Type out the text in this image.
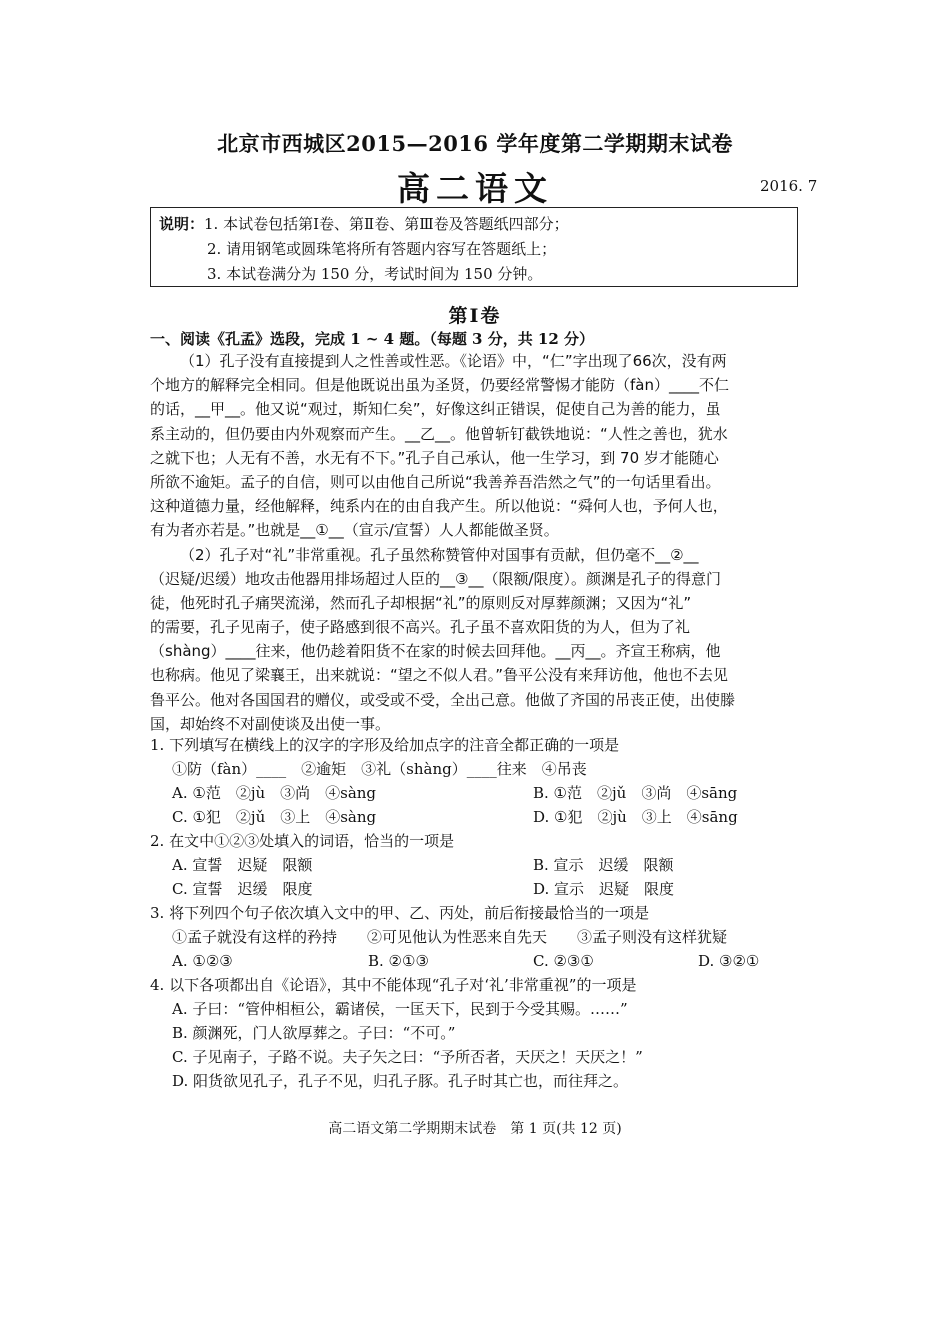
北京市西城区2015—2016 学年度第二学期期末试卷
高二语文	2016. 7
说明：1. 本试卷包括第Ⅰ卷、第Ⅱ卷、第Ⅲ卷及答题纸四部分；
2. 请用钢笔或圆珠笔将所有答题内容写在答题纸上；
3. 本试卷满分为 150 分，考试时间为 150 分钟。
第Ⅰ卷
一、阅读《孔孟》选段，完成 1 ~ 4 题。（每题 3 分，共 12 分）
（1）孔子没有直接提到人之性善或性恶。《论语》中，“仁”字出现了66次，没有两
个地方的解释完全相同。但是他既说出虽为圣贤，仍要经常警惕才能防（fàn）____不仁
的话，__甲__。他又说“观过，斯知仁矣”，好像这纠正错误，促使自己为善的能力，虽
系主动的，但仍要由内外观察而产生。__乙__。他曾斩钉截铁地说：“人性之善也，犹水
之就下也；人无有不善，水无有不下。”孔子自己承认，他一生学习，到 70 岁才能随心
所欲不逾矩。孟子的自信，则可以由他自己所说“我善养吾浩然之气”的一句话里看出。
这种道德力量，经他解释，纯系内在的由自我产生。所以他说：“舜何人也，予何人也，
有为者亦若是。”也就是__①__（宣示/宣誓）人人都能做圣贤。
（2）孔子对“礼”非常重视。孔子虽然称赞管仲对国事有贡献，但仍毫不__②__
（迟疑/迟缓）地攻击他器用排场超过人臣的__③__（限额/限度）。颜渊是孔子的得意门
徒，他死时孔子痛哭流涕，然而孔子却根据“礼”的原则反对厚葬颜渊；又因为“礼”
的需要，孔子见南子，使子路感到很不高兴。孔子虽不喜欢阳货的为人，但为了礼
（shàng）____往来，他仍趁着阳货不在家的时候去回拜他。__丙__。齐宣王称病，他
也称病。他见了梁襄王，出来就说：“望之不似人君。”鲁平公没有来拜访他，他也不去见
鲁平公。他对各国国君的赠仪，或受或不受，全出己意。他做了齐国的吊丧正使，出使滕
国，却始终不对副使谈及出使一事。
1. 下列填写在横线上的汉字的字形及给加点字的注音全都正确的一项是
①防（fàn）____　②逾矩　③礼（shàng）____往来　④吊丧
A. ①范　②jù　③尚　④sàng	B. ①范　②jǔ　③尚　④sāng
C. ①犯　②jǔ　③上　④sàng	D. ①犯　②jù　③上　④sāng
2. 在文中①②③处填入的词语，恰当的一项是
A. 宣誓　迟疑　限额	B. 宣示　迟缓　限额
C. 宣誓　迟缓　限度	D. 宣示　迟疑　限度
3. 将下列四个句子依次填入文中的甲、乙、丙处，前后衔接最恰当的一项是
①孟子就没有这样的矜持　　②可见他认为性恶来自先天　　③孟子则没有这样犹疑
A. ①②③	B. ②①③	C. ②③①	D. ③②①
4. 以下各项都出自《论语》，其中不能体现“孔子对‘礼’非常重视”的一项是
A. 子曰：“管仲相桓公，霸诸侯，一匡天下，民到于今受其赐。……”
B. 颜渊死，门人欲厚葬之。子曰：“不可。”
C. 子见南子，子路不说。夫子矢之曰：“予所否者，天厌之！天厌之！”
D. 阳货欲见孔子，孔子不见，归孔子豚。孔子时其亡也，而往拜之。
高二语文第二学期期末试卷　第 1 页(共 12 页)
